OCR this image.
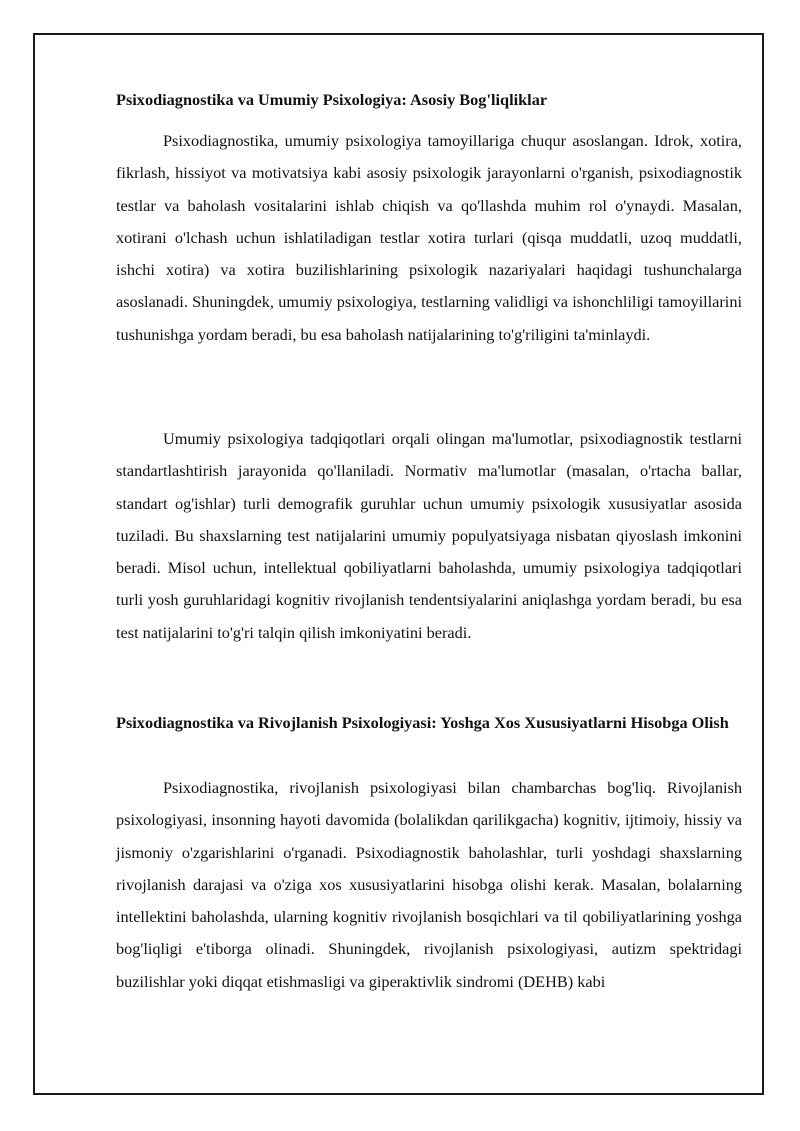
Psixodiagnostika va Umumiy Psixologiya: Asosiy Bog'liqliklar

Psixodiagnostika, umumiy psixologiya tamoyillariga chuqur asoslangan. Idrok, xotira, fikrlash, hissiyot va motivatsiya kabi asosiy psixologik jarayonlarni o'rganish, psixodiagnostik testlar va baholash vositalarini ishlab chiqish va qo'llashda muhim rol o'ynaydi. Masalan, xotirani o'lchash uchun ishlatiladigan testlar xotira turlari (qisqa muddatli, uzoq muddatli, ishchi xotira) va xotira buzilishlarining psixologik nazariyalari haqidagi tushunchalarga asoslanadi. Shuningdek, umumiy psixologiya, testlarning validligi va ishonchliligi tamoyillarini tushunishga yordam beradi, bu esa baholash natijalarining to'g'riligini ta'minlaydi.

Umumiy psixologiya tadqiqotlari orqali olingan ma'lumotlar, psixodiagnostik testlarni standartlashtirish jarayonida qo'llaniladi. Normativ ma'lumotlar (masalan, o'rtacha ballar, standart og'ishlar) turli demografik guruhlar uchun umumiy psixologik xususiyatlar asosida tuziladi. Bu shaxslarning test natijalarini umumiy populyatsiyaga nisbatan qiyoslash imkonini beradi. Misol uchun, intellektual qobiliyatlarni baholashda, umumiy psixologiya tadqiqotlari turli yosh guruhlaridagi kognitiv rivojlanish tendentsiyalarini aniqlashga yordam beradi, bu esa test natijalarini to'g'ri talqin qilish imkoniyatini beradi.

Psixodiagnostika va Rivojlanish Psixologiyasi: Yoshga Xos Xususiyatlarni Hisobga Olish

Psixodiagnostika, rivojlanish psixologiyasi bilan chambarchas bog'liq. Rivojlanish psixologiyasi, insonning hayoti davomida (bolalikdan qarilikgacha) kognitiv, ijtimoiy, hissiy va jismoniy o'zgarishlarini o'rganadi. Psixodiagnostik baholashlar, turli yoshdagi shaxslarning rivojlanish darajasi va o'ziga xos xususiyatlarini hisobga olishi kerak. Masalan, bolalarning intellektini baholashda, ularning kognitiv rivojlanish bosqichlari va til qobiliyatlarining yoshga bog'liqligi e'tiborga olinadi. Shuningdek, rivojlanish psixologiyasi, autizm spektridagi buzilishlar yoki diqqat etishmasligi va giperaktivlik sindromi (DEHB) kabi
